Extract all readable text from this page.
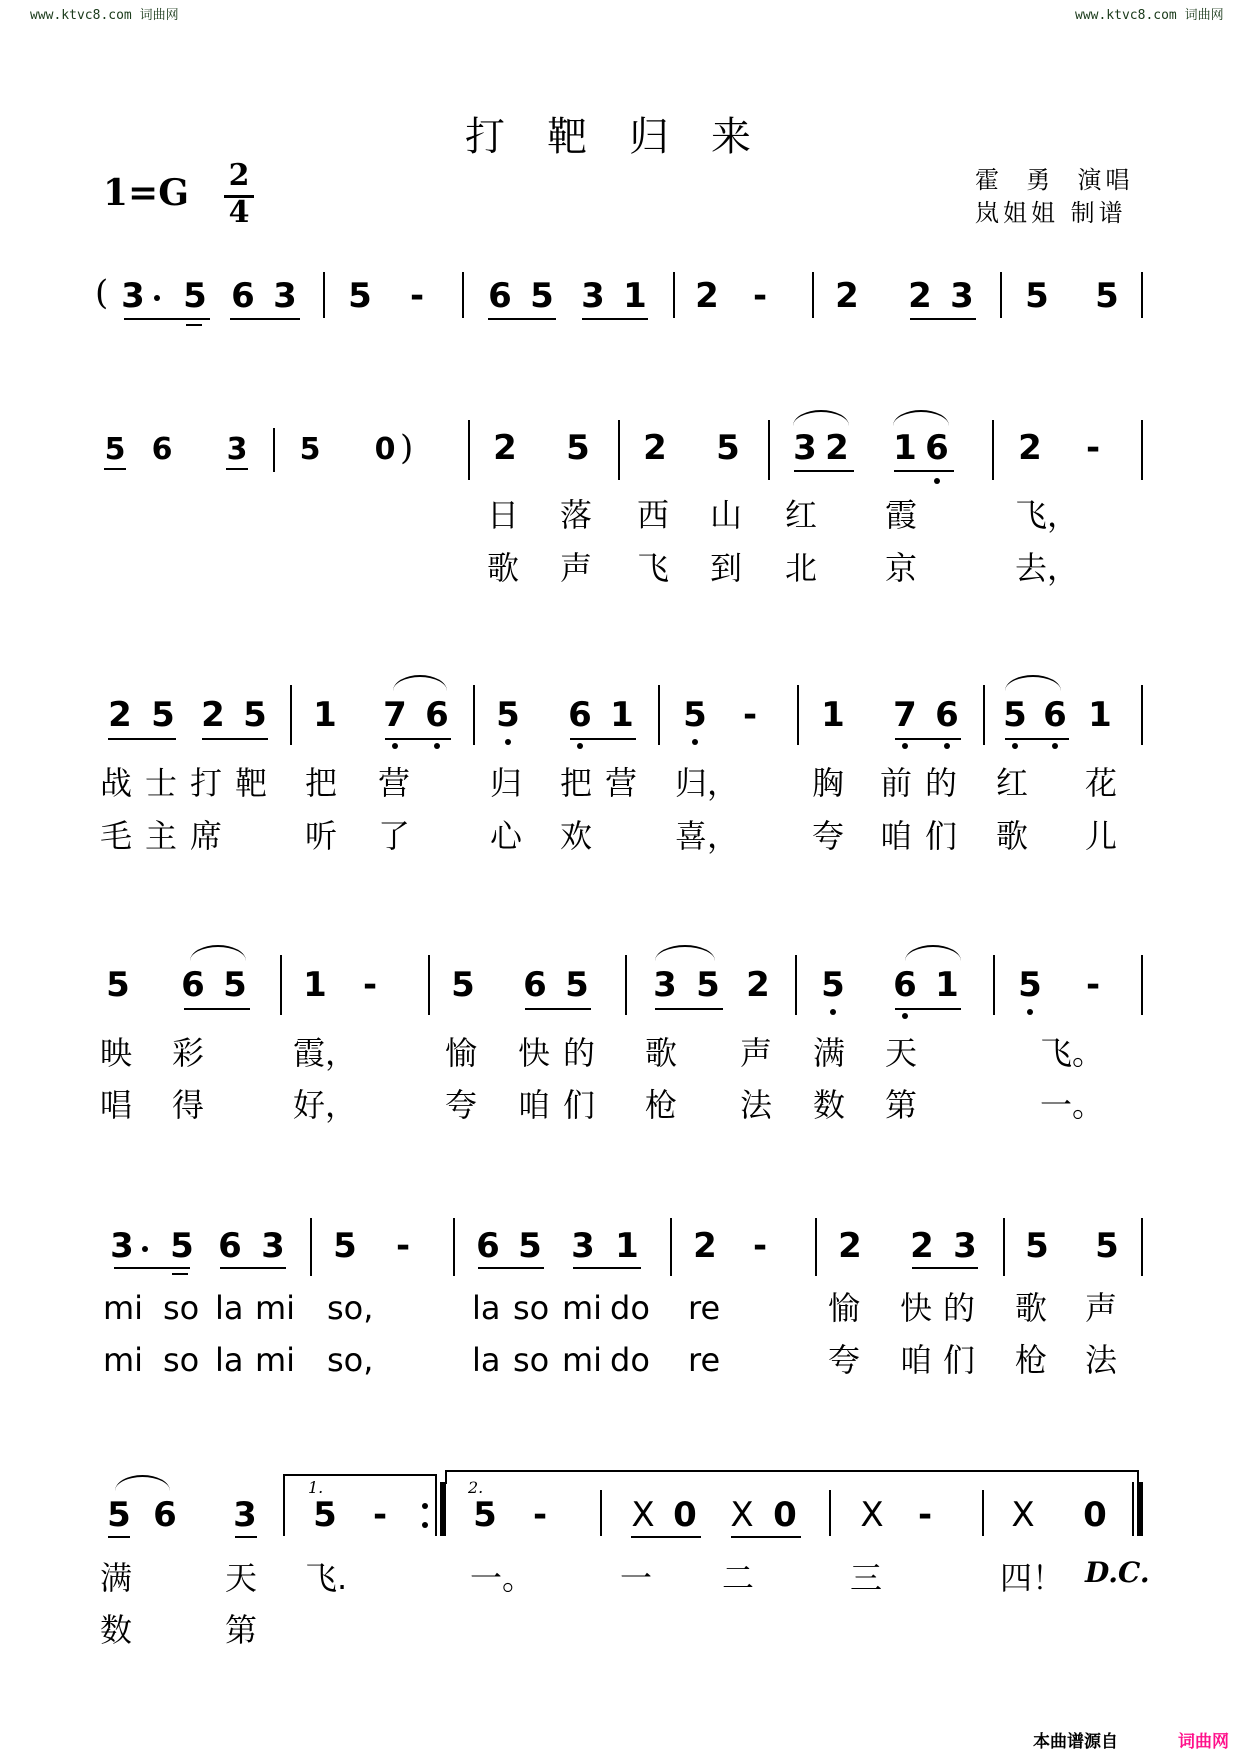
www.ktvc8.com 词曲网	www.ktvc8.com 词曲网
打靶归来
1=G 2
4
霍  勇  演唱
岚姐姐 制谱
( 3 5 6 3 5 - 6 5 3 1 2 - 2 2 3 5 5
5 6 3 5 0 ) 2 5 2 5 3 2 1 6 2 -
日 落 西 山 红 霞	飞，
歌 声 飞 到 北 京	去，
2 5 2 5 1 7 6 5 6 1 5 - 1 7 6 5 6 1
战 士 打 靶 把 营 归 把 营 归， 胸 前 的 红 花
毛 主 席	听 了 心 欢	喜， 夸 咱 们 歌 儿
5 6 5 1 - 5 6 5 3 5 2 5 6 1 5 -
映 彩	霞，	愉 快 的 歌 声 满 天	飞。
唱 得	好，	夸 咱 们 枪 法 数 第	一。
3 5 6 3 5 - 6 5 3 1 2 - 2 2 3 5 5
mi so la mi so,	la so mi do re	愉 快 的 歌 声
mi so la mi so,	la so mi do re	夸 咱 们 枪 法
5 6 3
1.
5 -
2.
5 - X 0 X 0 X - X 0
满	天 飞.	一。	一 二	三	四！ D.C.
数	第
本曲谱源自	词曲网
